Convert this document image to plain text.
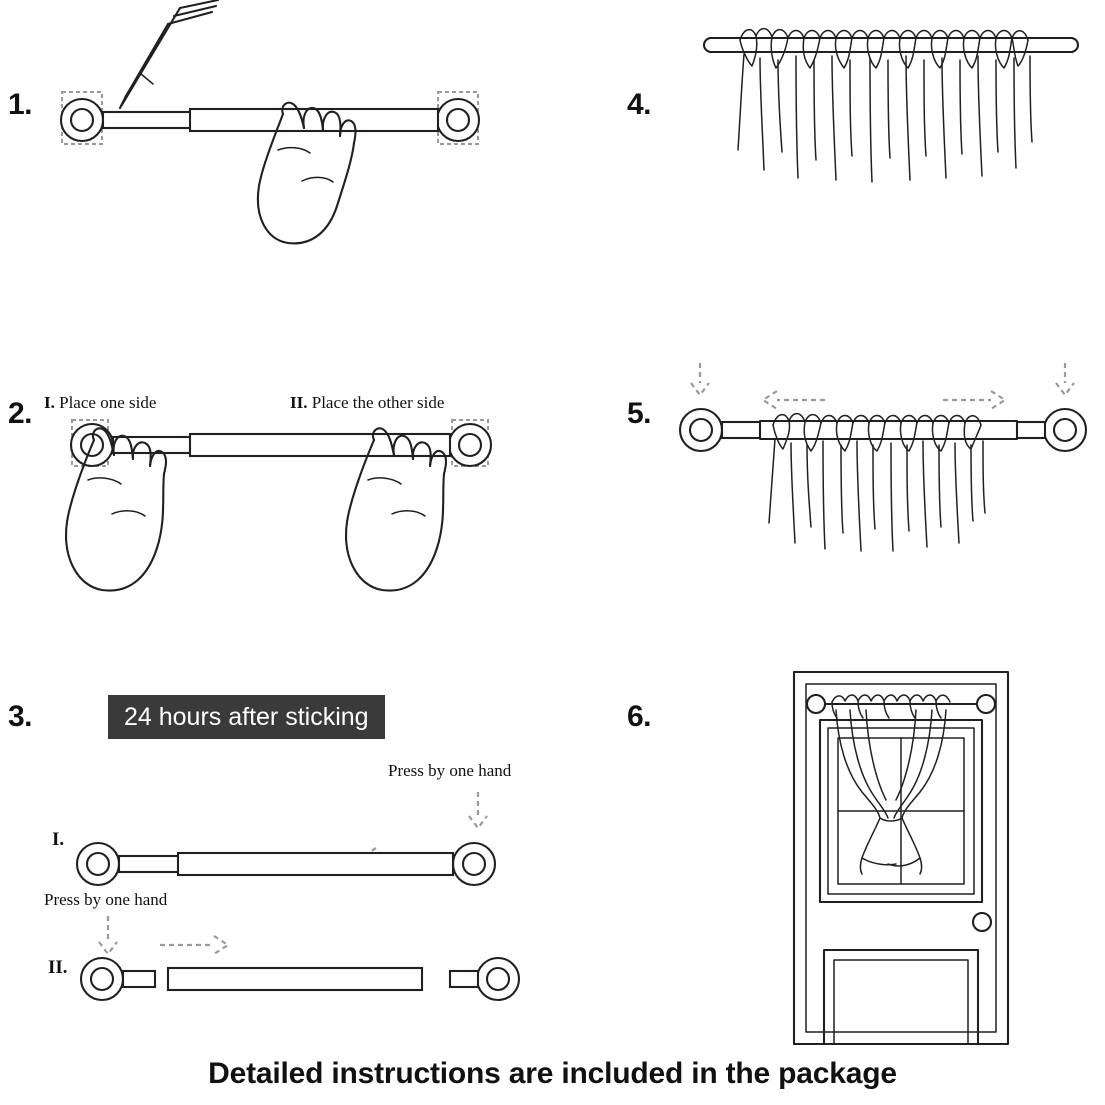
1.
2. I. Place one side	II. Place the other side
3.	24 hours after sticking
Press by one hand
Press by one hand
I.
II.
4.
5.
6.
Detailed instructions are included in the package
